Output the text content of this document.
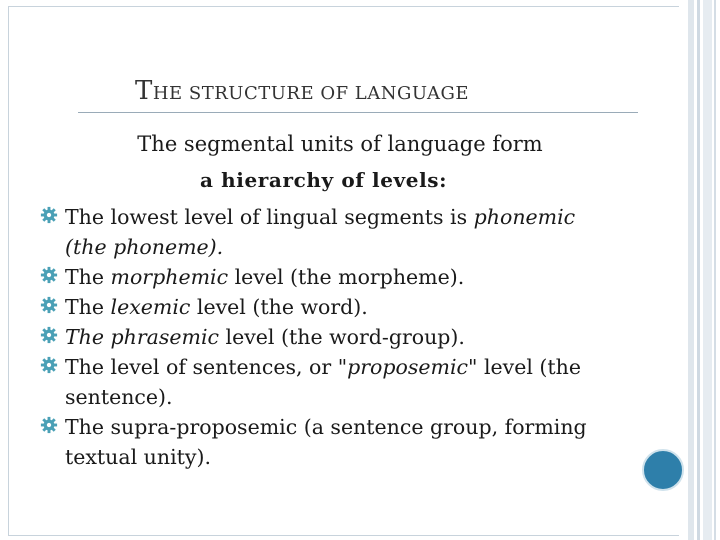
THE STRUCTURE OF LANGUAGE
The segmental units of language form
a hierarchy of levels:
The lowest level of lingual segments is phonemic
(the phoneme).
The morphemic level (the morpheme).
The lexemic level (the word).
The phrasemic level (the word-group).
The level of sentences, or "proposemic" level (the
sentence).
The supra-proposemic (a sentence group, forming
textual unity).
